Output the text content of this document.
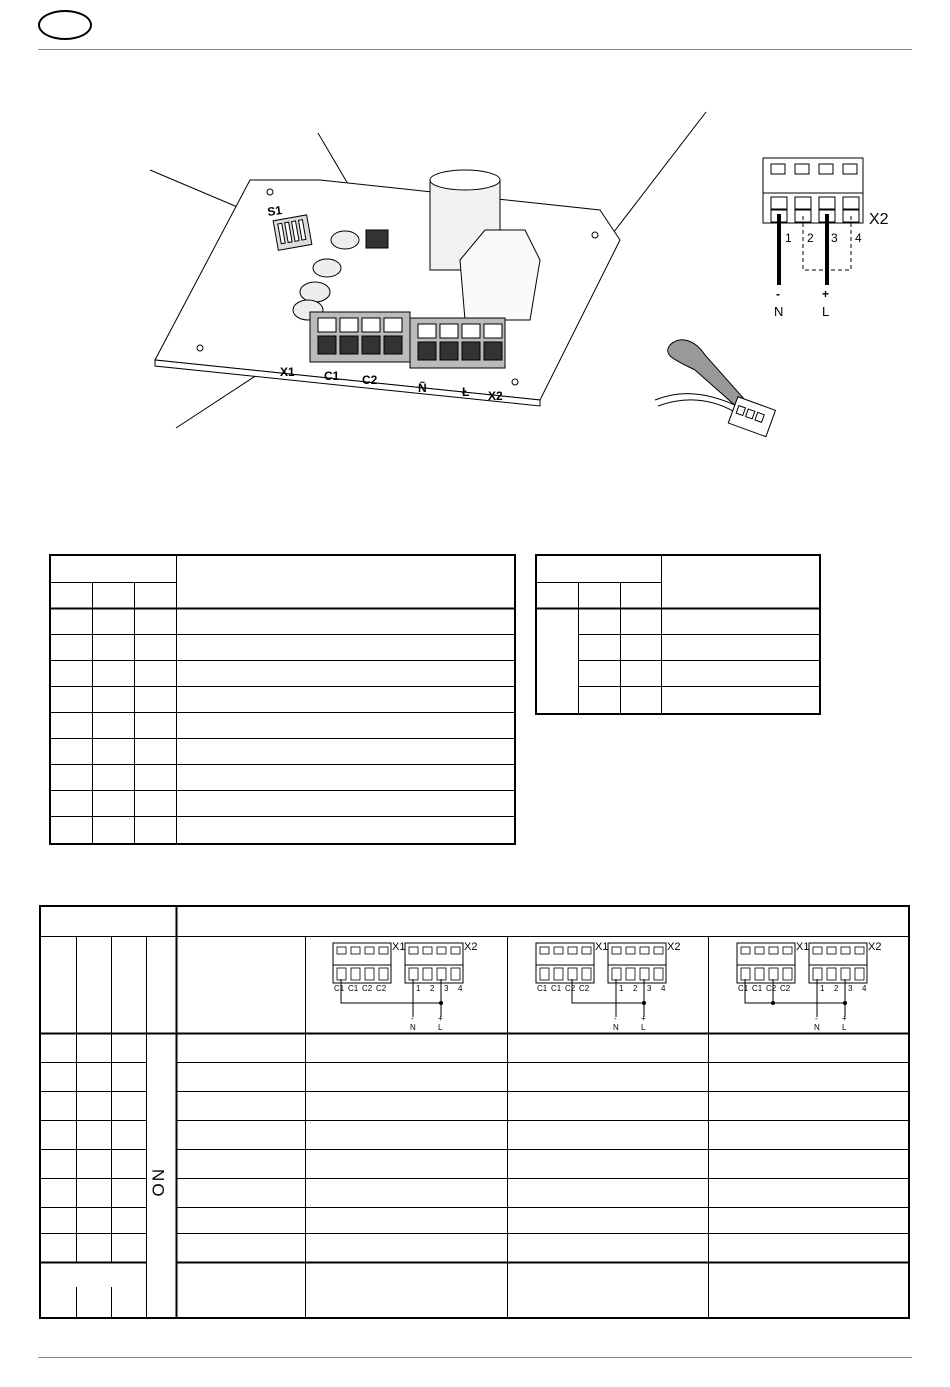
S1
X1 C1 C2
Ñ	Ł X2
1 2 3 4
-	+
N	L
X2
ON
X1	X2
C1 C1 C2 C2	1 2 3 4
-	+
N	L
X1	X2
C1 C1 C2 C2	1 2 3 4
-	+
N	L
X1	X2
C1 C1 C2 C2	1 2 3 4
-	+
N	L
